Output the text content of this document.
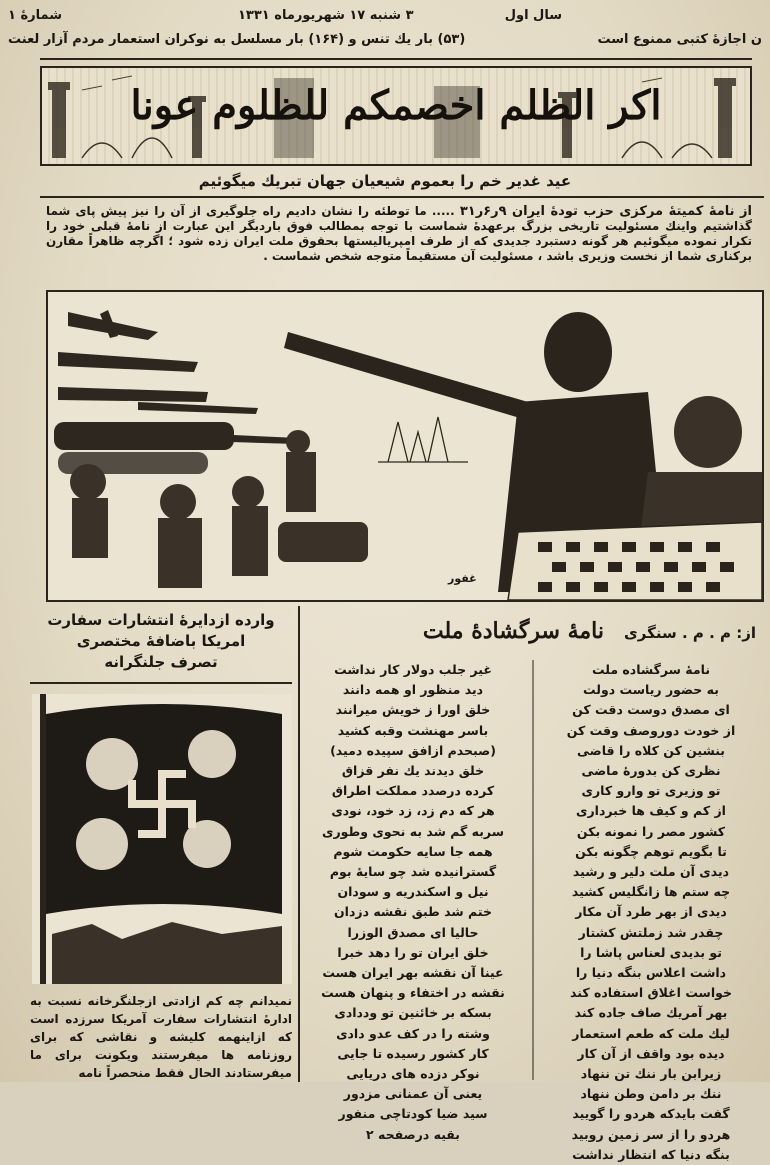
شمارهٔ ۱	۳ شنبه ۱۷ شهریورماه ۱۳۳۱	سال اول
(۵۳) بار یك تنس و (۱۶۴) بار مسلسل به نوکران استعمار مردم آزار لعنت	ن اجازهٔ کتبی ممنوع است
اکر الظلم اخصمکم للظلوم عونا
عید غدیر خم را بعموم شیعیان جهان تبریك میگوئیم
از نامهٔ کمیتهٔ مرکزی حزب تودهٔ ایران ۹ر۶ر۳۱ ..... ما توطئه را نشان دادیم راه جلوگیری از آن را نیز پیش پای شما گذاشتیم واینك مسئولیت تاریخی بزرگ برعهدهٔ شماست با توجه بمطالب فوق باردیگر این عبارت از نامهٔ قبلی خود را تکرار نموده میگوئیم هر گونه دستبرد جدیدی که از طرف امپریالیستها بحقوق ملت ایران زده شود ؛ اگرچه ظاهراً مقارن برکناری شما از نخست وزیری باشد ، مسئولیت آن مستقیماً متوجه شخص شماست .
غفور
از: م . م . سنگری
نامهٔ سرگشادهٔ ملت
نامهٔ سرگشاده ملت
به حضور ریاست دولت
ای مصدق دوست دقت کن
از خودت دوروصف وقت کن
بنشین کن کلاه را قاضی
نظری کن بدورهٔ ماضی
تو وزیری تو وارو کاری
از کم و کیف ها خبرداری
کشور مصر را نمونه بکن
تا بگویم توهم چگونه بکن
دیدی آن ملت دلیر و رشید
چه ستم ها زانگلیس کشید
دیدی از بهر طرد آن مکار
چقدر شد زملتش کشتار
تو بدیدی لعناس پاشا را
داشت اعلاس بنگه دنیا را
خواست اغلاق استفاده کند
بهر آمریك صاف جاده کند
لیك ملت که طعم استعمار
دیده بود واقف از آن کار
زیرابن بار ننك تن ننهاد
ننك بر دامن وطن ننهاد
گفت بایدکه هردو را گویید
هردو را از سر زمین روبید
بنگه دنیا که انتظار نداشت
غیر جلب دولار کار نداشت
دید منظور او همه دانند
خلق اورا ز خویش میرانند
باسر مهنشت وقبه کشید
(صبحدم ازافق سپیده دمید)
خلق دیدند یك نفر قزاق
کرده درصدد مملکت اطراق
هر که دم زد، زد خود، نودی
سربه گم شد به نحوی وطوری
همه جا سایه حکومت شوم
گسترانیده شد چو سایهٔ بوم
نیل و اسکندریه و سودان
ختم شد طبق نقشه دزدان
حالیا ای مصدق الوزرا
خلق ایران تو را دهد خبرا
عینا آن نقشه بهر ایران هست
نقشه در اختفاء و پنهان هست
بسکه بر خائنین تو وددادی
وشته را در کف عدو دادی
کار کشور رسیده تا جایی
نوکر دزده های دریایی
یعنی آن عمنانی مزدور
سید ضیا کودتاچی منفور
بقیه درصفحه ۲
وارده ازدایرهٔ انتشارات سفارت
امریکا باضافهٔ مختصری
تصرف جلنگرانه
نمیدانم چه کم ازادتی ازجلنگرخانه نسبت به ادارهٔ انتشارات سفارت آمریکا سرزده است که ازاینهمه کلیشه و نقاشی که برای روزنامه ها میفرستند ویکونت برای ما میفرستادند الحال فقط منحصراً نامه
